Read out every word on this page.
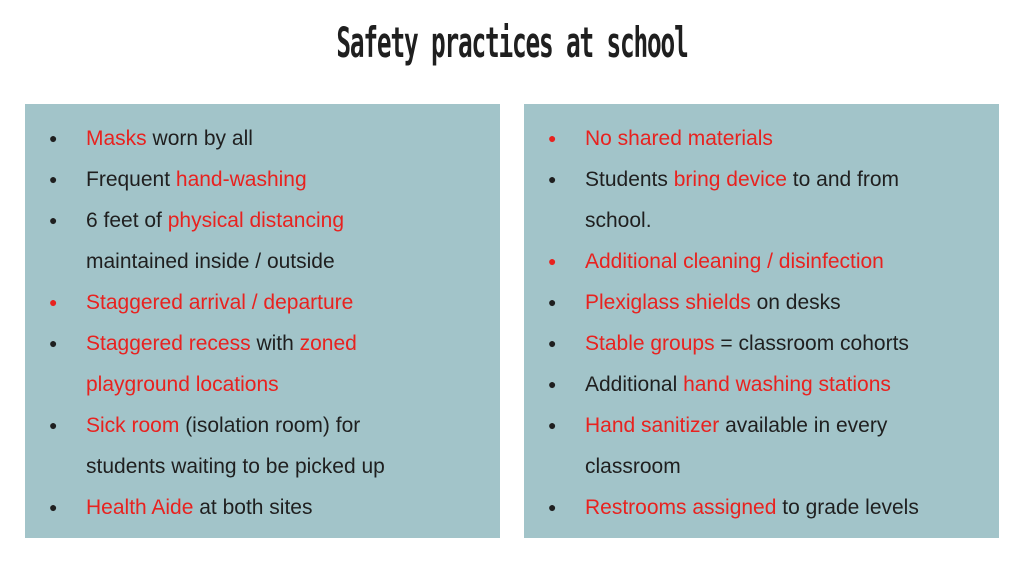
Safety practices at school
● Masks worn by all
● Frequent hand-washing
● 6 feet of physical distancing
maintained inside / outside
● Staggered arrival / departure
● Staggered recess with zoned
playground locations
● Sick room (isolation room) for
students waiting to be picked up
● Health Aide at both sites
● No shared materials
● Students bring device to and from
school.
● Additional cleaning / disinfection
● Plexiglass shields on desks
● Stable groups = classroom cohorts
● Additional hand washing stations
● Hand sanitizer available in every
classroom
● Restrooms assigned to grade levels
